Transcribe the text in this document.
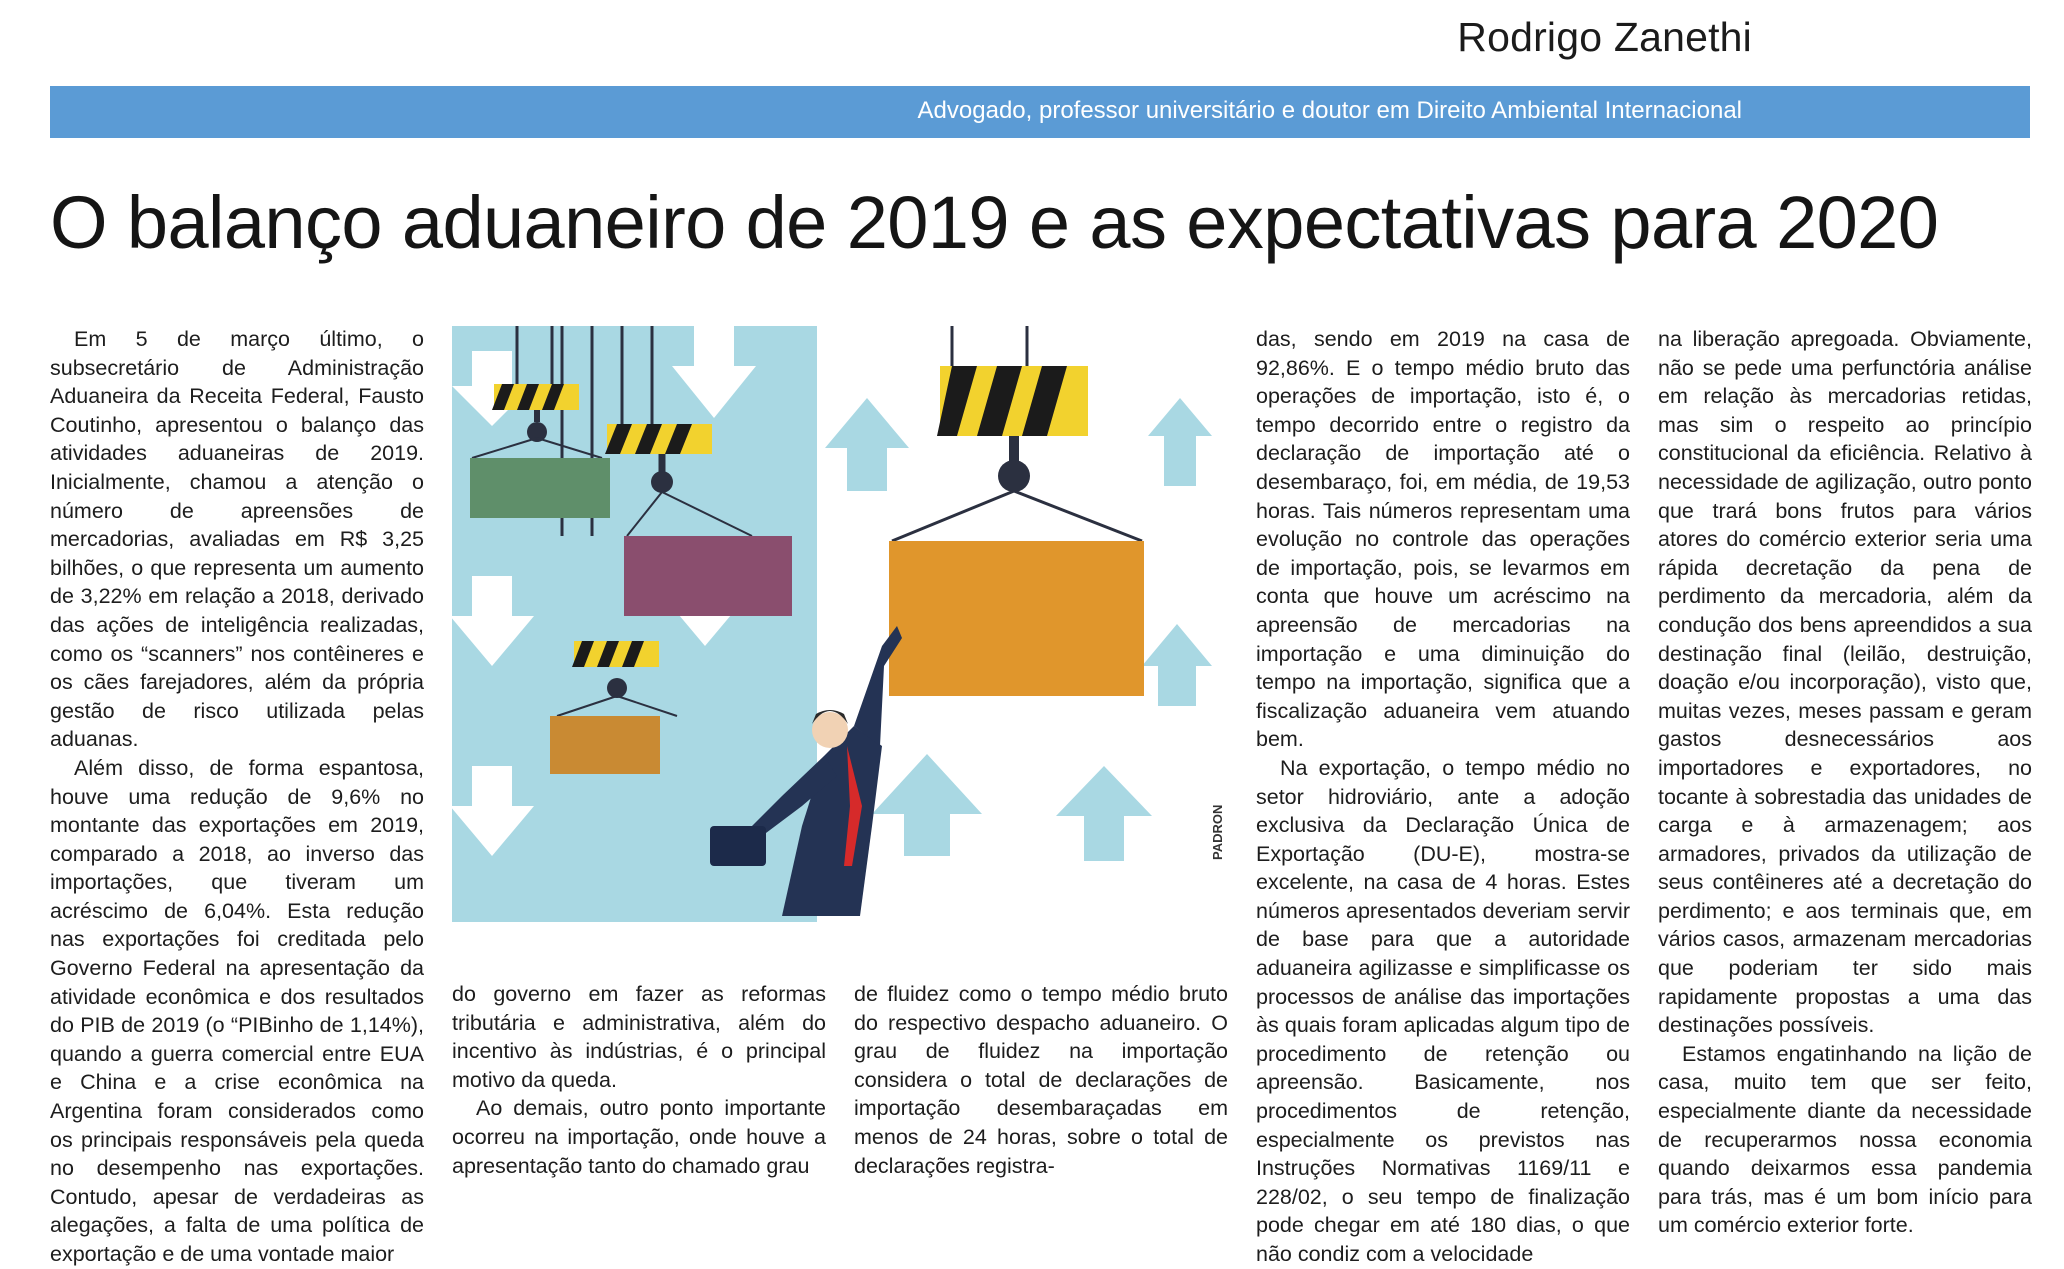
Rodrigo Zanethi
Advogado, professor universitário e doutor em Direito Ambiental Internacional
O balanço aduaneiro de 2019 e as expectativas para 2020

Em 5 de março último, o subsecretário de Administração Aduaneira da Receita Federal, Fausto Coutinho, apresentou o balanço das atividades aduaneiras de 2019. Inicialmente, chamou a atenção o número de apreensões de mercadorias, avaliadas em R$ 3,25 bilhões, o que representa um aumento de 3,22% em relação a 2018, derivado das ações de inteligência realizadas, como os “scanners” nos contêineres e os cães farejadores, além da própria gestão de risco utilizada pelas aduanas.

Além disso, de forma espantosa, houve uma redução de 9,6% no montante das exportações em 2019, comparado a 2018, ao inverso das importações, que tiveram um acréscimo de 6,04%. Esta redução nas exportações foi creditada pelo Governo Federal na apresentação da atividade econômica e dos resultados do PIB de 2019 (o “PIBinho de 1,14%), quando a guerra comercial entre EUA e China e a crise econômica na Argentina foram considerados como os principais responsáveis pela queda no desempenho nas exportações. Contudo, apesar de verdadeiras as alegações, a falta de uma política de exportação e de uma vontade maior

PADRON

do governo em fazer as reformas tributária e administrativa, além do incentivo às indústrias, é o principal motivo da queda.

Ao demais, outro ponto importante ocorreu na importação, onde houve a apresentação tanto do chamado grau

de fluidez como o tempo médio bruto do respectivo despacho aduaneiro. O grau de fluidez na importação considera o total de declarações de importação desembaraçadas em menos de 24 horas, sobre o total de declarações registra-

das, sendo em 2019 na casa de 92,86%. E o tempo médio bruto das operações de importação, isto é, o tempo decorrido entre o registro da declaração de importação até o desembaraço, foi, em média, de 19,53 horas. Tais números representam uma evolução no controle das operações de importação, pois, se levarmos em conta que houve um acréscimo na apreensão de mercadorias na importação e uma diminuição do tempo na importação, significa que a fiscalização aduaneira vem atuando bem.

Na exportação, o tempo médio no setor hidroviário, ante a adoção exclusiva da Declaração Única de Exportação (DU-E), mostra-se excelente, na casa de 4 horas. Estes números apresentados deveriam servir de base para que a autoridade aduaneira agilizasse e simplificasse os processos de análise das importações às quais foram aplicadas algum tipo de procedimento de retenção ou apreensão. Basicamente, nos procedimentos de retenção, especialmente os previstos nas Instruções Normativas 1169/11 e 228/02, o seu tempo de finalização pode chegar em até 180 dias, o que não condiz com a velocidade

na liberação apregoada. Obviamente, não se pede uma perfunctória análise em relação às mercadorias retidas, mas sim o respeito ao princípio constitucional da eficiência. Relativo à necessidade de agilização, outro ponto que trará bons frutos para vários atores do comércio exterior seria uma rápida decretação da pena de perdimento da mercadoria, além da condução dos bens apreendidos a sua destinação final (leilão, destruição, doação e/ou incorporação), visto que, muitas vezes, meses passam e geram gastos desnecessários aos importadores e exportadores, no tocante à sobrestadia das unidades de carga e à armazenagem; aos armadores, privados da utilização de seus contêineres até a decretação do perdimento; e aos terminais que, em vários casos, armazenam mercadorias que poderiam ter sido mais rapidamente propostas a uma das destinações possíveis.

Estamos engatinhando na lição de casa, muito tem que ser feito, especialmente diante da necessidade de recuperarmos nossa economia quando deixarmos essa pandemia para trás, mas é um bom início para um comércio exterior forte.
